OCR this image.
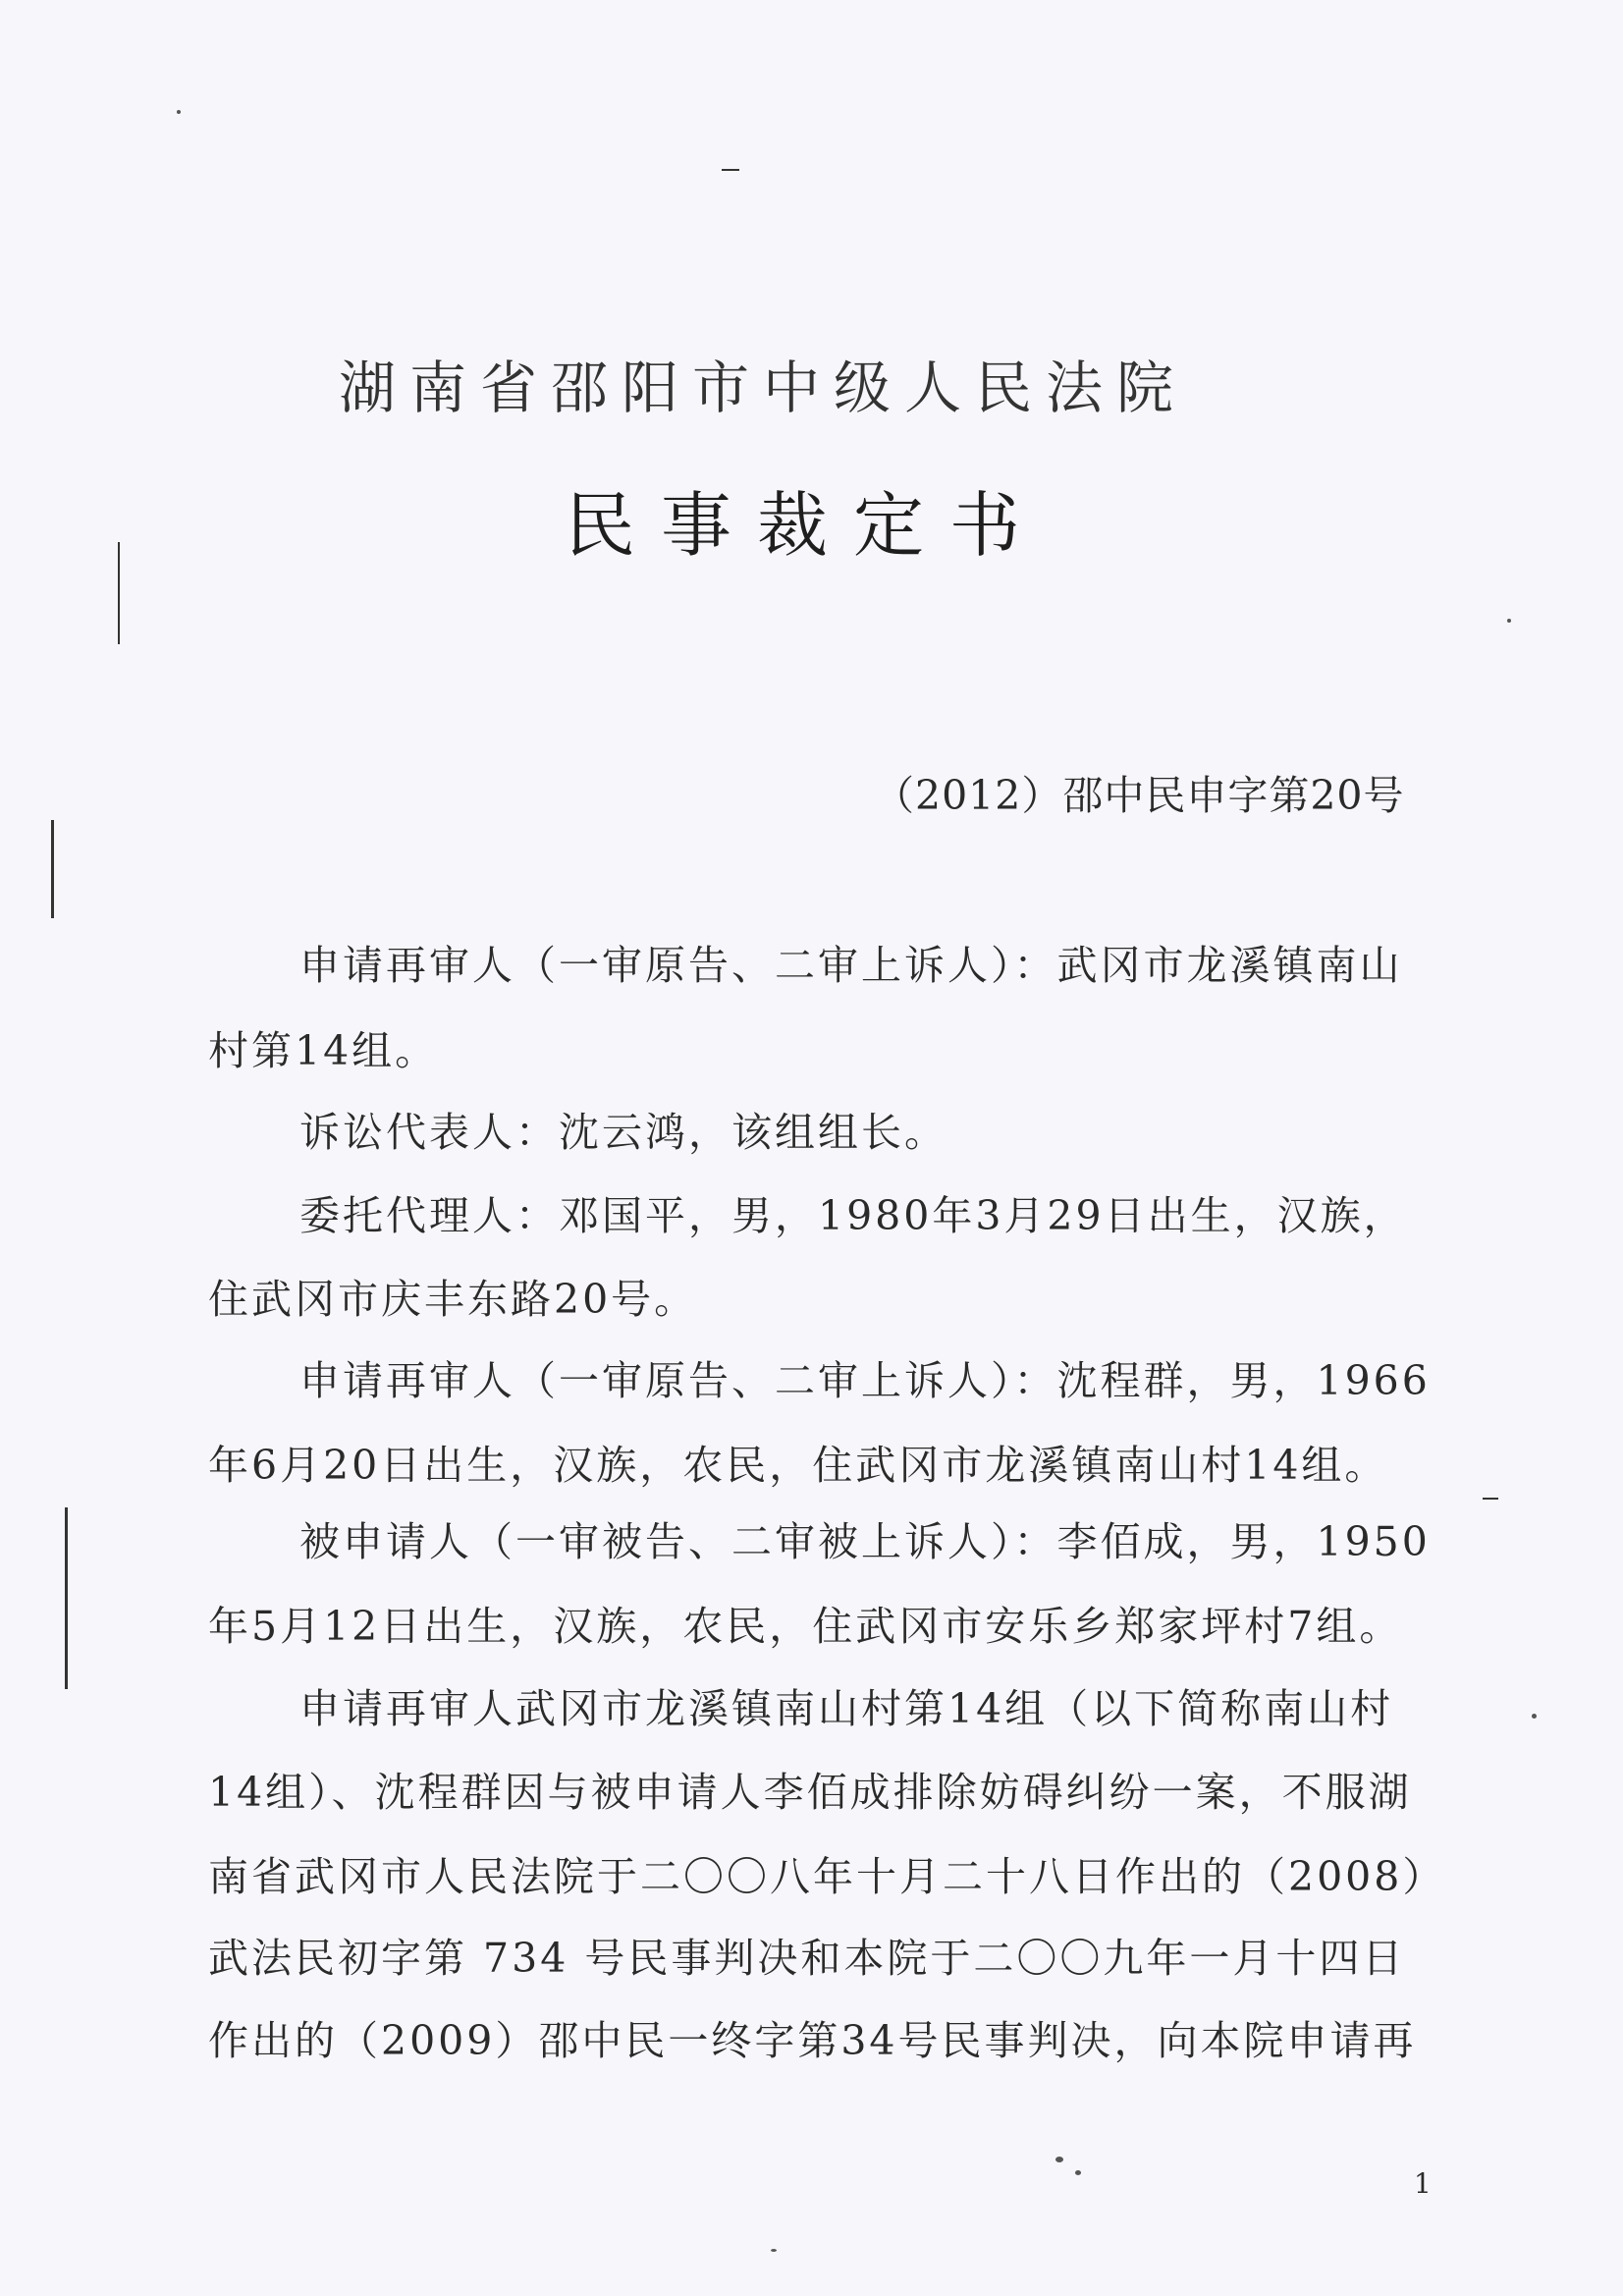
湖南省邵阳市中级人民法院
民事裁定书
（2012）邵中民申字第20号
申请再审人（一审原告、二审上诉人）：武冈市龙溪镇南山
村第14组。
诉讼代表人：沈云鸿，该组组长。
委托代理人：邓国平，男，1980年3月29日出生，汉族，
住武冈市庆丰东路20号。
申请再审人（一审原告、二审上诉人）：沈程群，男，1966
年6月20日出生，汉族，农民，住武冈市龙溪镇南山村14组。
被申请人（一审被告、二审被上诉人）：李佰成，男，1950
年5月12日出生，汉族，农民，住武冈市安乐乡郑家坪村7组。
申请再审人武冈市龙溪镇南山村第14组（以下简称南山村
14组）、沈程群因与被申请人李佰成排除妨碍纠纷一案，不服湖
南省武冈市人民法院于二〇〇八年十月二十八日作出的（2008）
武法民初字第 734 号民事判决和本院于二〇〇九年一月十四日
作出的（2009）邵中民一终字第34号民事判决，向本院申请再
1
